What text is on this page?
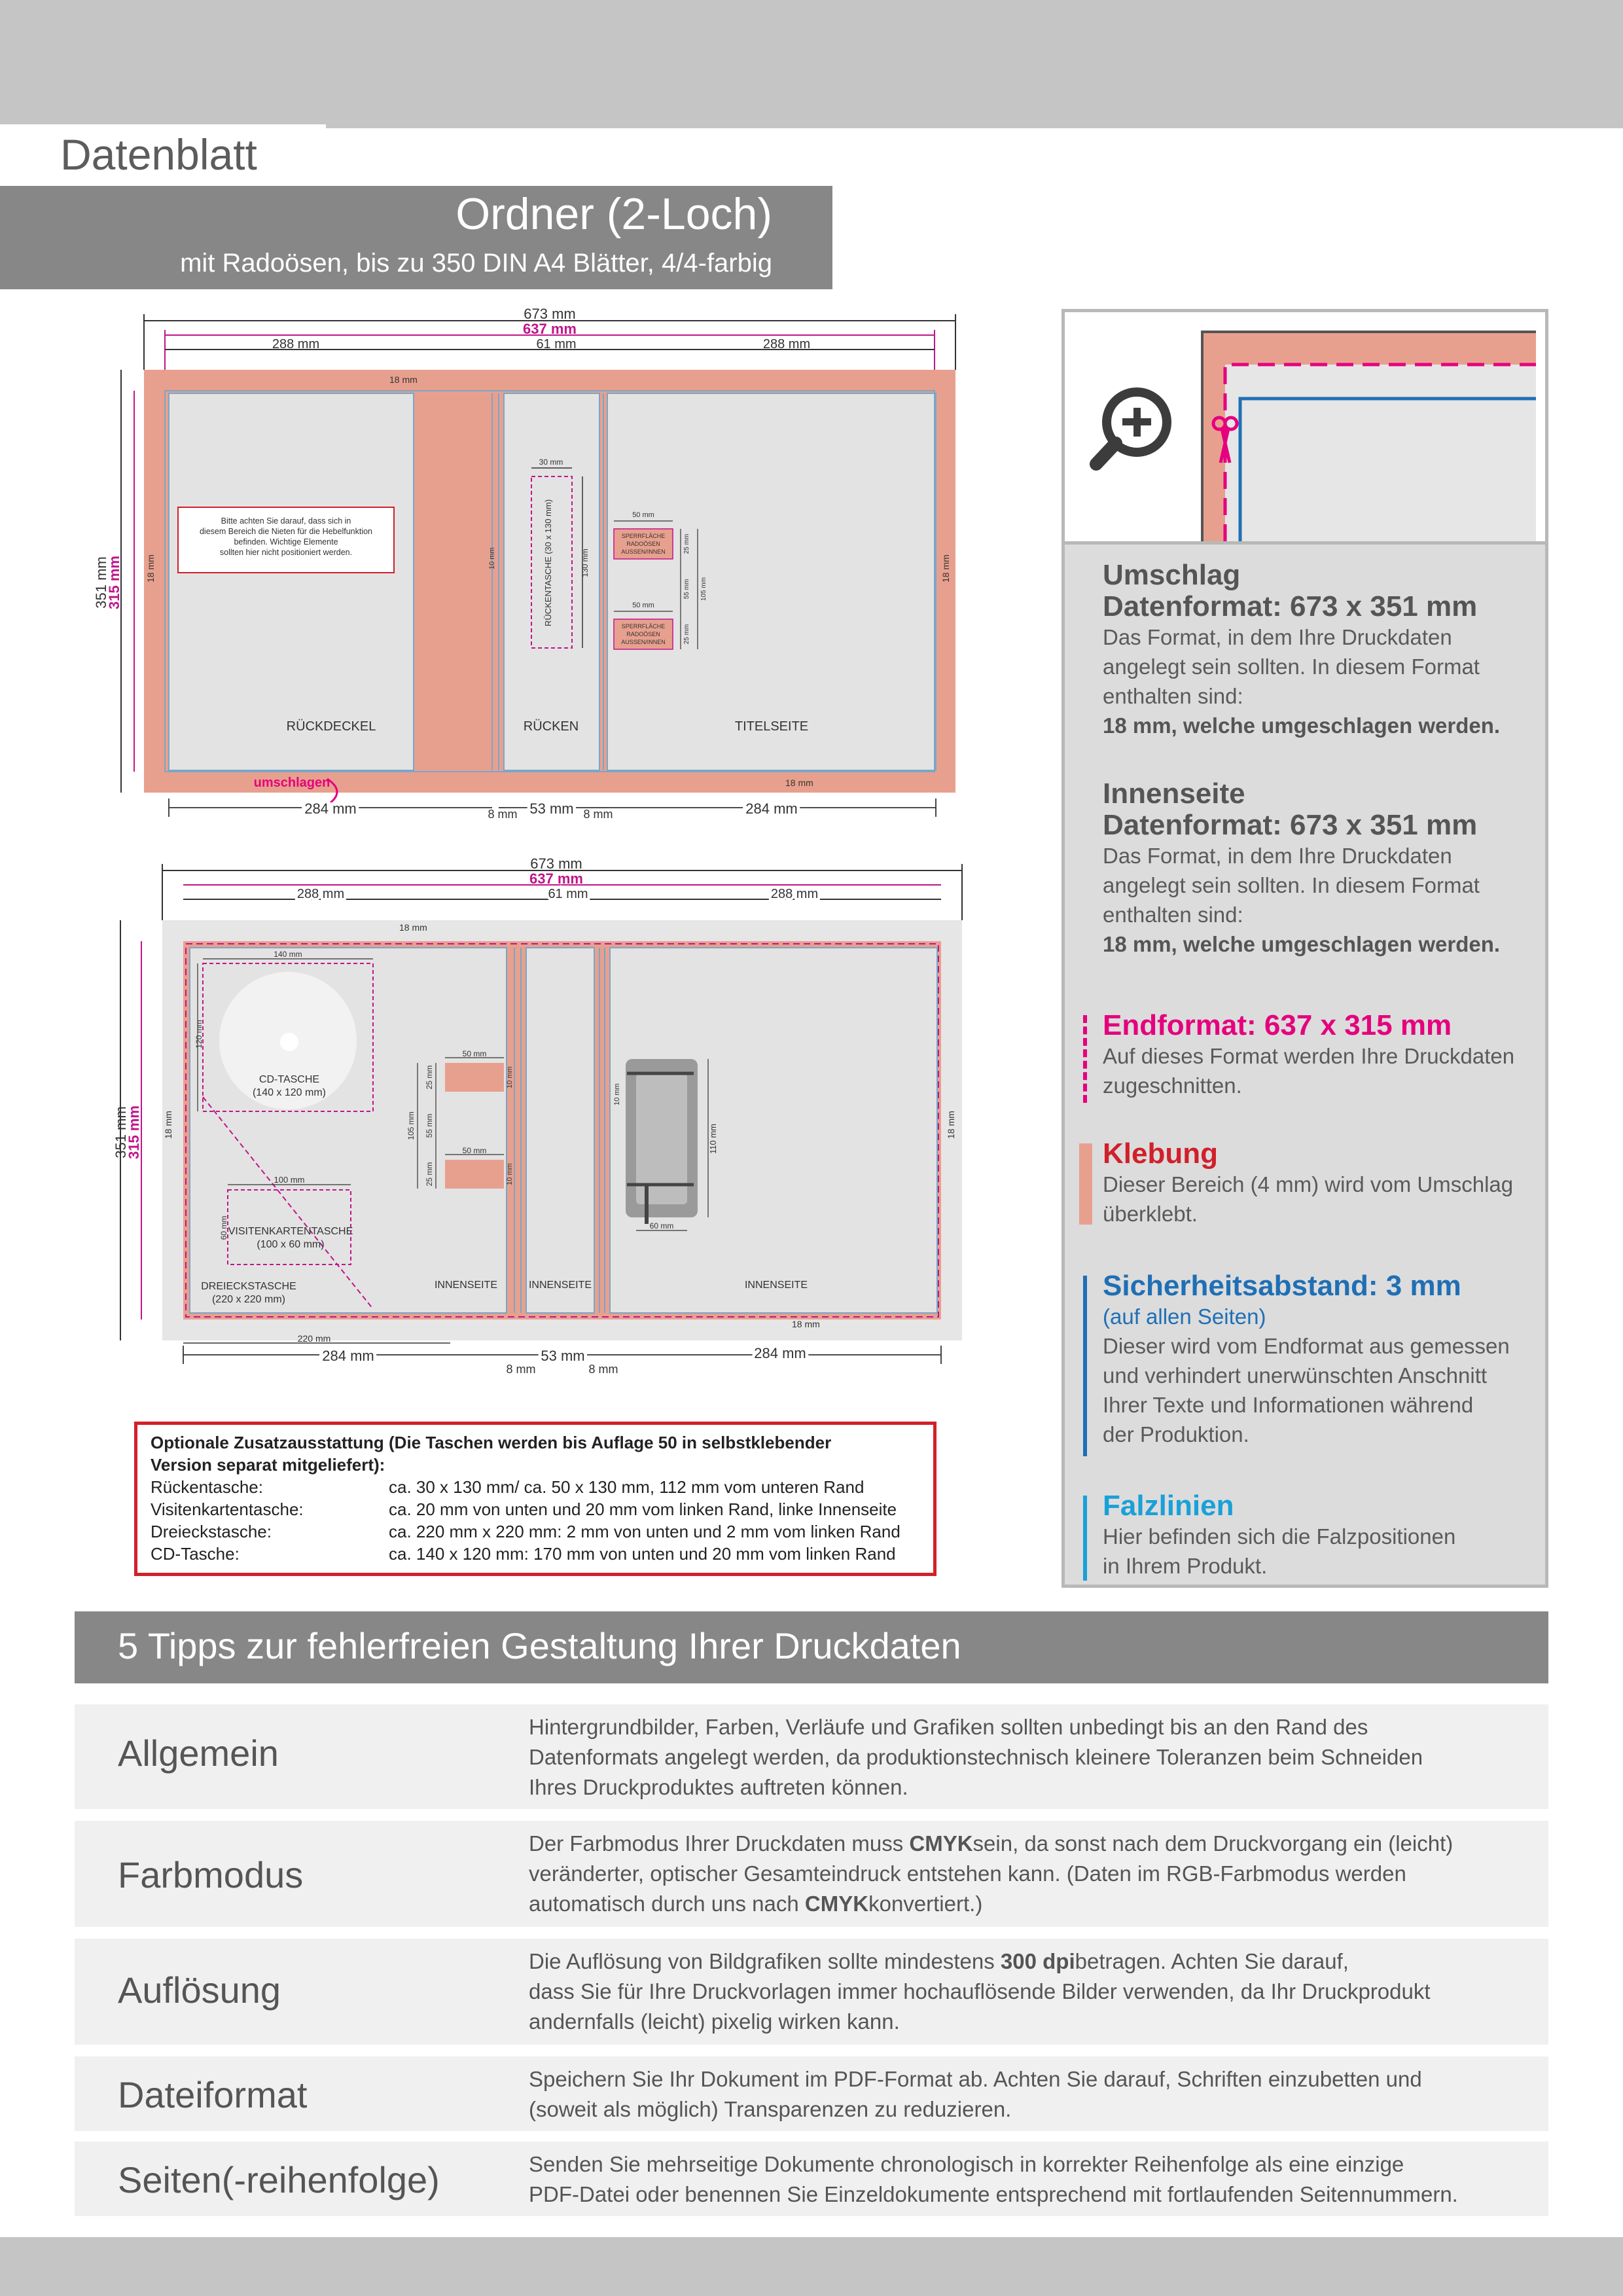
Datenblatt
Ordner (2-Loch)
mit Radoösen, bis zu 350 DIN A4 Blätter, 4/4-farbig
673 mm
637 mm
288 mm	61 mm	288 mm
18 mm
18 mm	18 mm
18 mm
351 mm
315 mm
Bitte achten Sie darauf, dass sich in
diesem Bereich die Nieten für die Hebelfunktion
befinden. Wichtige Elemente
sollten hier nicht positioniert werden.
RÜCKDECKEL	RÜCKEN	TITELSEITE
RÜCKENTASCHE (30 x 130 mm)
30 mm
130 mm
10 mm
SPERRFLÄCHE
RADOÖSEN
AUSSEN/INNEN
SPERRFLÄCHE
RADOÖSEN
AUSSEN/INNEN
50 mm
50 mm
25 mm
55 mm
25 mm
105 mm
umschlagen
284 mm	8 mm 53 mm 8 mm	284 mm
673 mm
637 mm
288 mm	61 mm	288 mm
18 mm
18 mm	18 mm
18 mm
351 mm
315 mm
140 mm
120 mm
CD-TASCHE
(140 x 120 mm)
100 mm
60 mm VISITENKARTENTASCHE
(100 x 60 mm)
DREIECKSTASCHE
(220 x 220 mm)
50 mm
50 mm
25 mm
55 mm
25 mm
105 mm
10 mm
10 mm
110 mm
60 mm
10 mm
INNENSEITE	INNENSEITE	INNENSEITE
220 mm
284 mm
8 mm
53 mm
8 mm
284 mm
Optionale Zusatzausstattung (Die Taschen werden bis Auflage 50 in selbstklebender
Version separat mitgeliefert):
Rückentasche:	ca. 30 x 130 mm/ ca. 50 x 130 mm, 112 mm vom unteren Rand
Visitenkartentasche:	ca. 20 mm von unten und 20 mm vom linken Rand, linke Innenseite
Dreieckstasche:	ca. 220 mm x 220 mm: 2 mm von unten und 2 mm vom linken Rand
CD-Tasche:	ca. 140 x 120 mm: 170 mm von unten und 20 mm vom linken Rand
Umschlag
Datenformat: 673 x 351 mm
Das Format, in dem Ihre Druckdaten
angelegt sein sollten. In diesem Format
enthalten sind:
18 mm, welche umgeschlagen werden.
Innenseite
Datenformat: 673 x 351 mm
Das Format, in dem Ihre Druckdaten
angelegt sein sollten. In diesem Format
enthalten sind:
18 mm, welche umgeschlagen werden.
Endformat: 637 x 315 mm
Auf dieses Format werden Ihre Druckdaten
zugeschnitten.
Klebung
Dieser Bereich (4 mm) wird vom Umschlag
überklebt.
Sicherheitsabstand: 3 mm
(auf allen Seiten)
Dieser wird vom Endformat aus gemessen
und verhindert unerwünschten Anschnitt
Ihrer Texte und Informationen während
der Produktion.
Falzlinien
Hier befinden sich die Falzpositionen
in Ihrem Produkt.
5 Tipps zur fehlerfreien Gestaltung Ihrer Druckdaten
Allgemein
Hintergrundbilder, Farben, Verläufe und Grafiken sollten unbedingt bis an den Rand des
Datenformats angelegt werden, da produktionstechnisch kleinere Toleranzen beim Schneiden
Ihres Druckproduktes auftreten können.
Farbmodus
Der Farbmodus Ihrer Druckdaten muss CMYKsein, da sonst nach dem Druckvorgang ein (leicht)
veränderter, optischer Gesamteindruck entstehen kann. (Daten im RGB-Farbmodus werden
automatisch durch uns nach CMYKkonvertiert.)
Auflösung
Die Auflösung von Bildgrafiken sollte mindestens 300 dpibetragen. Achten Sie darauf,
dass Sie für Ihre Druckvorlagen immer hochauflösende Bilder verwenden, da Ihr Druckprodukt
andernfalls (leicht) pixelig wirken kann.
Dateiformat	Speichern Sie Ihr Dokument im PDF-Format ab. Achten Sie darauf, Schriften einzubetten und
(soweit als möglich) Transparenzen zu reduzieren.
Seiten(-reihenfolge)	Senden Sie mehrseitige Dokumente chronologisch in korrekter Reihenfolge als eine einzige
PDF-Datei oder benennen Sie Einzeldokumente entsprechend mit fortlaufenden Seitennummern.
